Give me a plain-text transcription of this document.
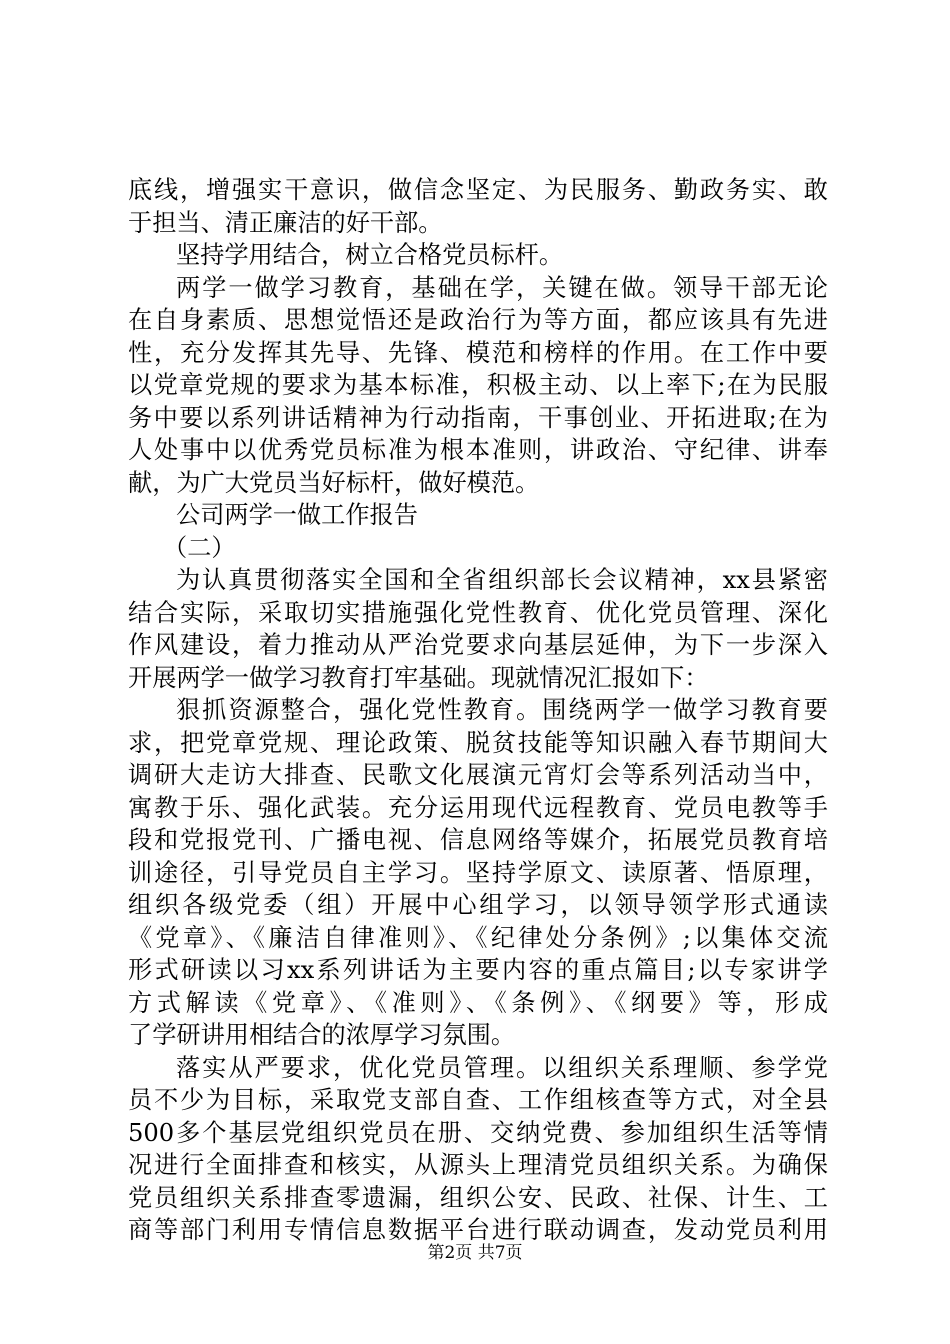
底线，增强实干意识，做信念坚定、为民服务、勤政务实、敢
于担当、清正廉洁的好干部。
坚持学用结合，树立合格党员标杆。
两学一做学习教育，基础在学，关键在做。领导干部无论
在自身素质、思想觉悟还是政治行为等方面，都应该具有先进
性，充分发挥其先导、先锋、模范和榜样的作用。在工作中要
以党章党规的要求为基本标准，积极主动、以上率下;在为民服
务中要以系列讲话精神为行动指南，干事创业、开拓进取;在为
人处事中以优秀党员标准为根本准则，讲政治、守纪律、讲奉
献，为广大党员当好标杆，做好模范。
公司两学一做工作报告
（二）
为认真贯彻落实全国和全省组织部长会议精神，xx县紧密
结合实际，采取切实措施强化党性教育、优化党员管理、深化
作风建设，着力推动从严治党要求向基层延伸，为下一步深入
开展两学一做学习教育打牢基础。现就情况汇报如下：
狠抓资源整合，强化党性教育。围绕两学一做学习教育要
求，把党章党规、理论政策、脱贫技能等知识融入春节期间大
调研大走访大排查、民歌文化展演元宵灯会等系列活动当中，
寓教于乐、强化武装。充分运用现代远程教育、党员电教等手
段和党报党刊、广播电视、信息网络等媒介，拓展党员教育培
训途径，引导党员自主学习。坚持学原文、读原著、悟原理，
组织各级党委（组）开展中心组学习，以领导领学形式通读
《党章》、《廉洁自律准则》、《纪律处分条例》;以集体交流
形式研读以习xx系列讲话为主要内容的重点篇目;以专家讲学
方式解读《党章》、《准则》、《条例》、《纲要》等，形成
了学研讲用相结合的浓厚学习氛围。
落实从严要求，优化党员管理。以组织关系理顺、参学党
员不少为目标，采取党支部自查、工作组核查等方式，对全县
500多个基层党组织党员在册、交纳党费、参加组织生活等情
况进行全面排查和核实，从源头上理清党员组织关系。为确保
党员组织关系排查零遗漏，组织公安、民政、社保、计生、工
商等部门利用专情信息数据平台进行联动调查，发动党员利用
第2页 共7页
